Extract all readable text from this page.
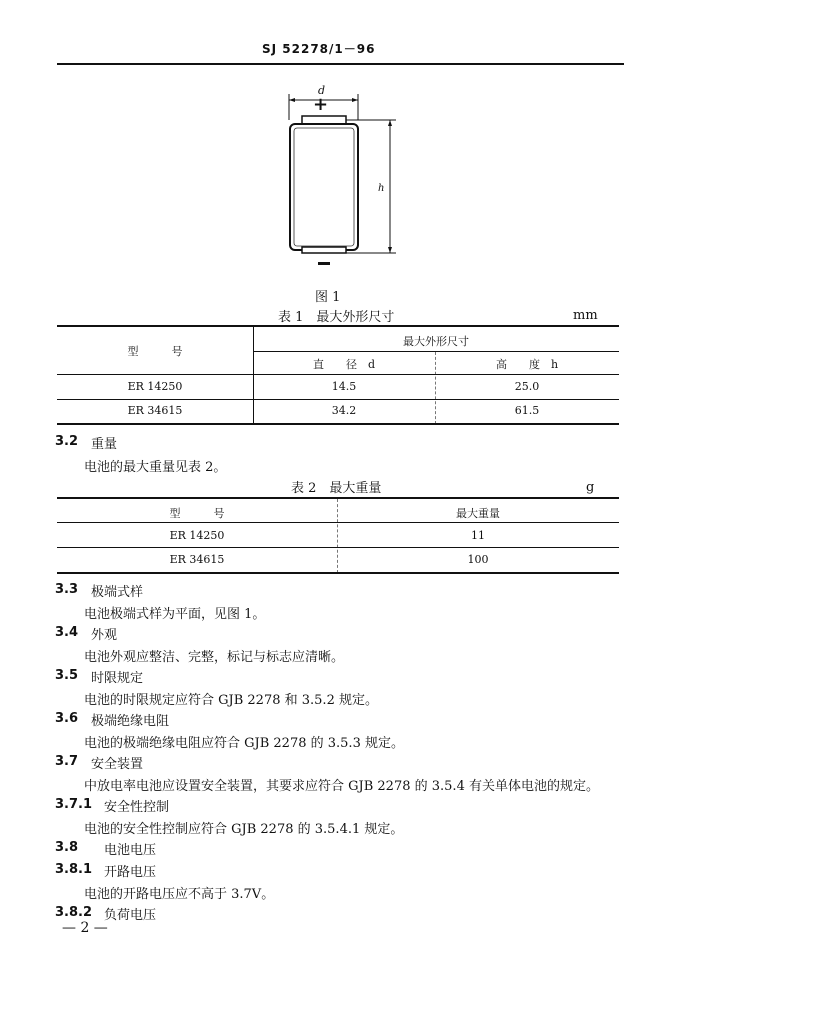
SJ 52278/1－96
d
+
h
图 1
表 1　最大外形尺寸	mm
型　　　号
最大外形尺寸
直　　径　d	高　　度　h
ER 14250	14.5	25.0
ER 34615	34.2	61.5
3.2 重量
电池的最大重量见表 2。
表 2　最大重量	g
型　　　号	最大重量
ER 14250	11
ER 34615	100
3.3 极端式样
电池极端式样为平面，见图 1。
3.4 外观
电池外观应整洁、完整，标记与标志应清晰。
3.5 时限规定
电池的时限规定应符合 GJB 2278 和 3.5.2 规定。
3.6 极端绝缘电阻
电池的极端绝缘电阻应符合 GJB 2278 的 3.5.3 规定。
3.7 安全装置
中放电率电池应设置安全装置，其要求应符合 GJB 2278 的 3.5.4 有关单体电池的规定。
3.7.1 安全性控制
电池的安全性控制应符合 GJB 2278 的 3.5.4.1 规定。
3.8 电池电压
3.8.1 开路电压
电池的开路电压应不高于 3.7V。
3.8.2 负荷电压
— 2 —
